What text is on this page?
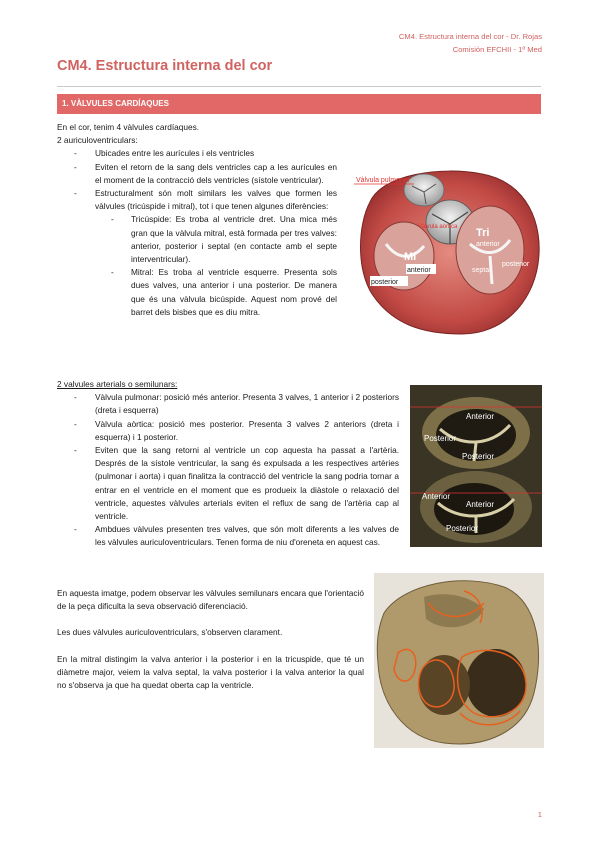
CM4. Estructura interna del cor - Dr. Rojas
Comisión EFCHII - 1º Med
CM4. Estructura interna del cor
1. VÀLVULES CARDÍAQUES

En el cor, tenim 4 vàlvules cardíaques.

2 auriculoventriculars:

- Ubicades entre les aurícules i els ventricles
- Eviten el retorn de la sang dels ventricles cap a les aurícules en el moment de la contracció dels ventricles (sístole ventricular).
- Estructuralment són molt similars les valves que formen les vàlvules (tricúspide i mitral), tot i que tenen algunes diferències:
- Tricúspide: Es troba al ventricle dret. Una mica més gran que la vàlvula mitral, està formada per tres valves: anterior, posterior i septal (en contacte amb el septe interventricular).
- Mitral: Es troba al ventricle esquerre. Presenta sols dues valves, una anterior i una posterior. De manera que és una vàlvula bicúspide. Aquest nom prové del barret dels bisbes que es diu mitra.
Vàlvula pulmonar
Vàlvula aòrtica
Mi
Tri
anterior
posterior
anterior
septal
posterior

2 valvules arterials o semilunars:

- Vàlvula pulmonar: posició més anterior. Presenta 3 valves, 1 anterior i 2 posteriors (dreta i esquerra)
- Vàlvula aòrtica: posició mes posterior. Presenta 3 valves 2 anteriors (dreta i esquerra) i 1 posterior.
- Eviten que la sang retorni al ventricle un cop aquesta ha passat a l'artèria. Després de la sístole ventricular, la sang és expulsada a les respectives artèries (pulmonar i aorta) i quan finalitza la contracció del ventricle la sang podria tornar a entrar en el ventricle en el moment que es produeix la diàstole o relaxació del ventricle, aquestes vàlvules arterials eviten el reflux de sang de l'artèria cap al ventricle.
- Ambdues vàlvules presenten tres valves, que són molt diferents a les valves de les vàlvules auriculoventriculars. Tenen forma de niu d'oreneta en aquest cas.
Anterior
Posterior
Posterior
Anterior
Anterior
Posterior

En aquesta imatge, podem observar les vàlvules semilunars encara que l'orientació de la peça dificulta la seva observació diferenciació.

Les dues vàlvules auriculoventriculars, s'observen clarament.

En la mitral distingim la valva anterior i la posterior i en la tricuspide, que té un diàmetre major, veiem la valva septal, la valva posterior i la valva anterior la qual no s'observa ja que ha quedat oberta cap la ventricle.

1
